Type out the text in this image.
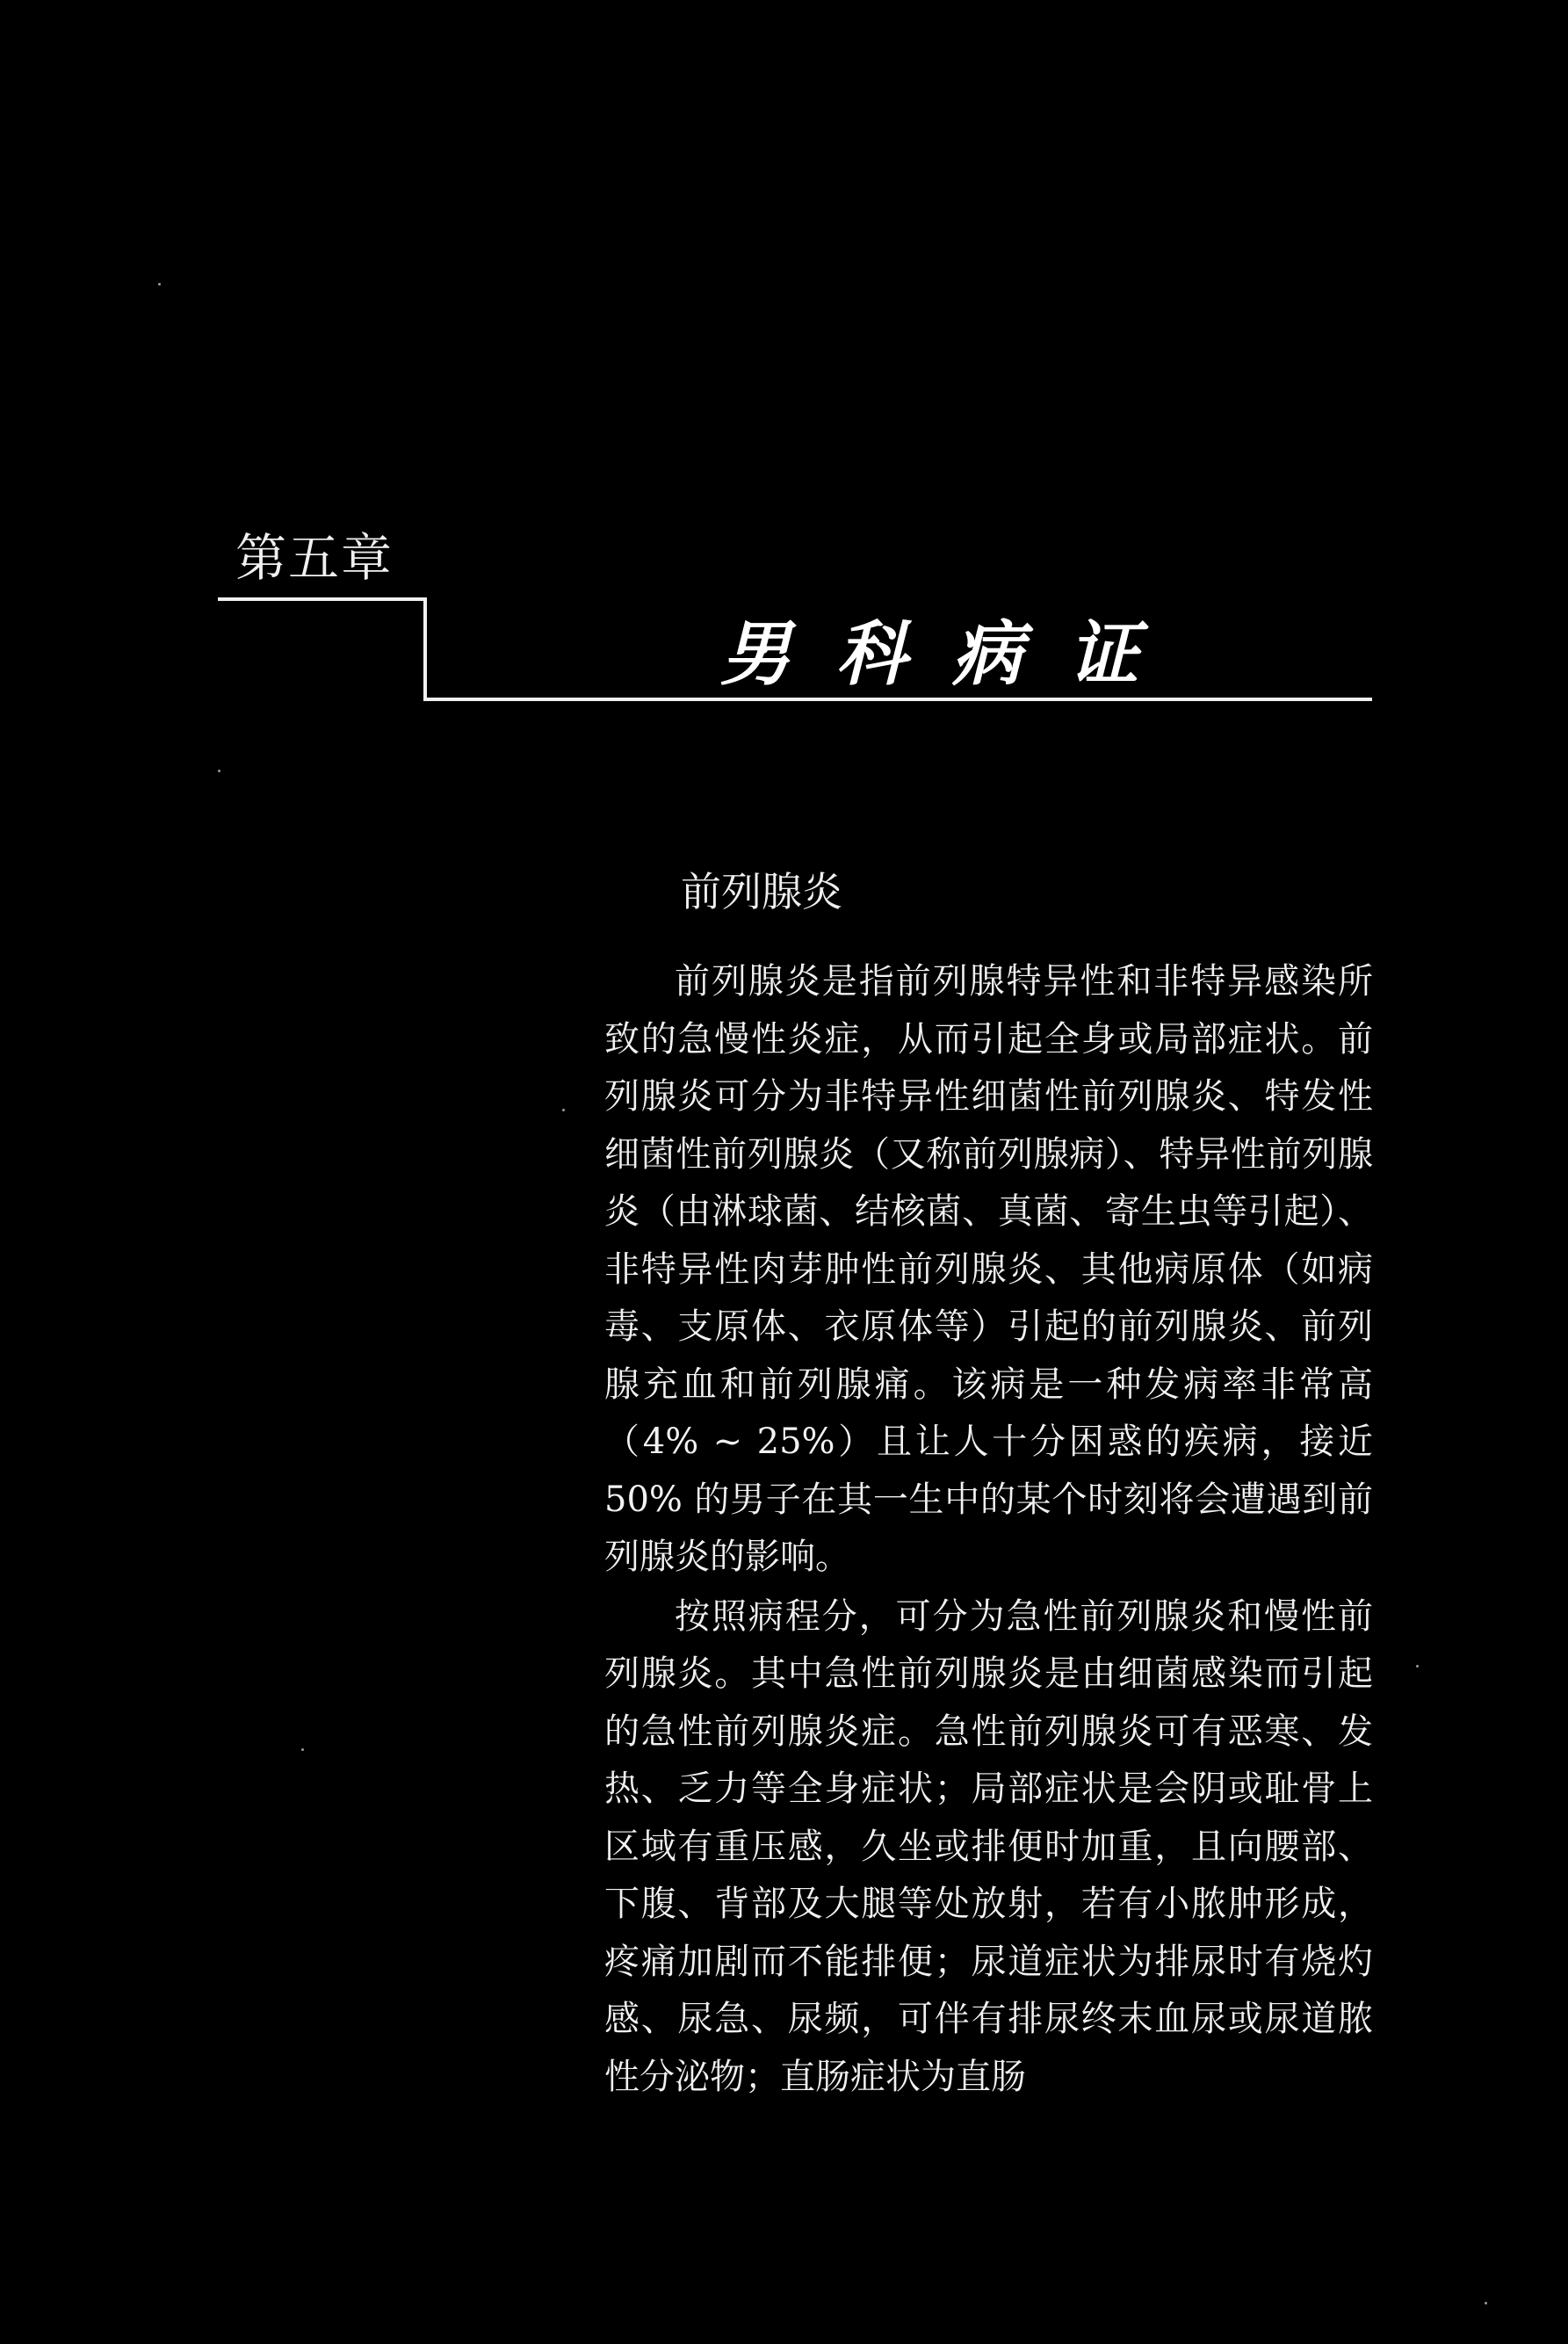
第五章
男科病证
前列腺炎

前列腺炎是指前列腺特异性和非特异感染所致的急慢性炎症，从而引起全身或局部症状。前列腺炎可分为非特异性细菌性前列腺炎、特发性细菌性前列腺炎（又称前列腺病）、特异性前列腺炎（由淋球菌、结核菌、真菌、寄生虫等引起）、非特异性肉芽肿性前列腺炎、其他病原体（如病毒、支原体、衣原体等）引起的前列腺炎、前列腺充血和前列腺痛。该病是一种发病率非常高（4% ~ 25%）且让人十分困惑的疾病，接近 50% 的男子在其一生中的某个时刻将会遭遇到前列腺炎的影响。

按照病程分，可分为急性前列腺炎和慢性前列腺炎。其中急性前列腺炎是由细菌感染而引起的急性前列腺炎症。急性前列腺炎可有恶寒、发热、乏力等全身症状；局部症状是会阴或耻骨上区域有重压感，久坐或排便时加重，且向腰部、下腹、背部及大腿等处放射，若有小脓肿形成，疼痛加剧而不能排便；尿道症状为排尿时有烧灼感、尿急、尿频，可伴有排尿终末血尿或尿道脓性分泌物；直肠症状为直肠
